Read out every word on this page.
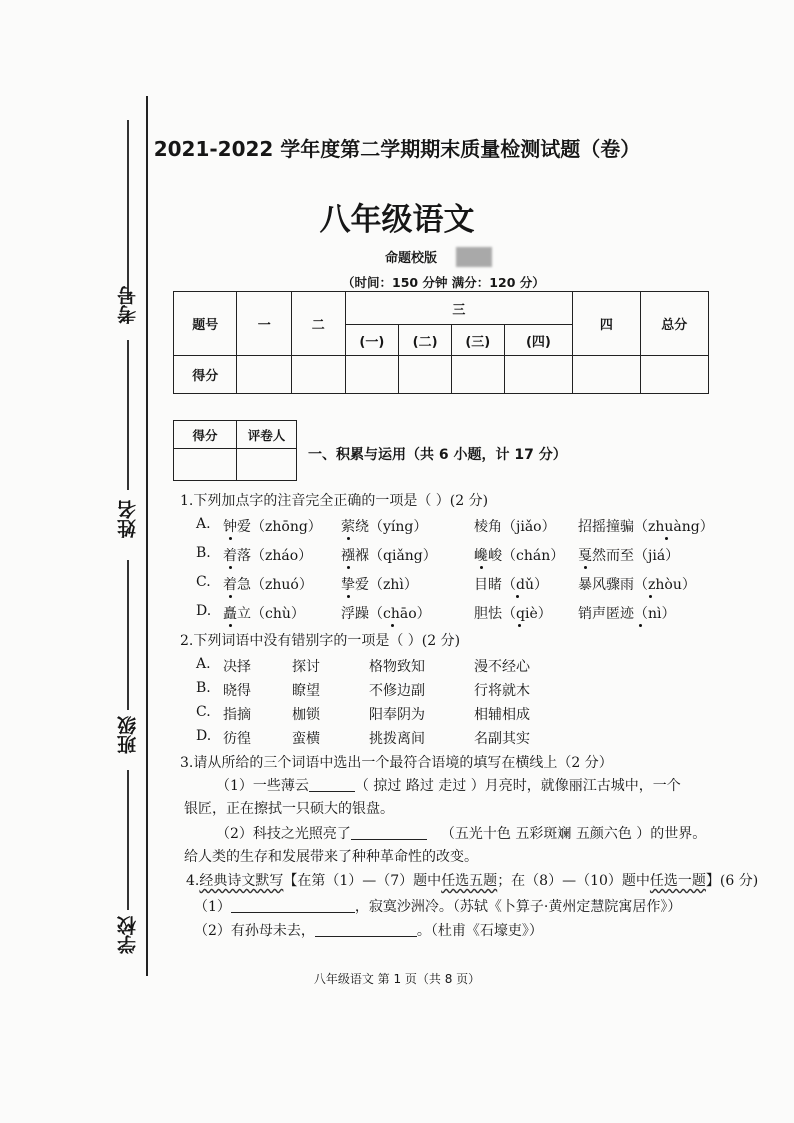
考号
姓名
班级
学校
2021-2022 学年度第二学期期末质量检测试题（卷）
八年级语文
命题校版
（时间：150 分钟 满分：120 分）
题号	一	二	三				四	总分
			(一)	(二)	(三)	(四)		
得分								
得分	评卷人

一、积累与运用（共 6 小题，计 17 分）
1.下列加点字的注音完全正确的一项是（ ）(2 分)
A. 钟爱（zhōng） 萦绕（yíng）	棱角（jiǎo） 招摇撞骗（zhuàng）
B. 着落（zháo） 襁褓（qiǎng）	巉峻（chán） 戛然而至（jiá）
C. 着急（zhuó） 挚爱（zhì）	目睹（dǔ） 暴风骤雨（zhòu）
D. 矗立（chù）	浮躁（chāo）	胆怯（qiè） 销声匿迹（nì）
2.下列词语中没有错别字的一项是（ ）(2 分)
A. 决择	探讨	格物致知	漫不经心
B. 晓得	瞭望	不修边副	行将就木
C. 指摘	枷锁	阳奉阴为	相辅相成
D. 彷徨	蛮横	挑拨离间	名副其实
3.请从所给的三个词语中选出一个最符合语境的填写在横线上（2 分）
（1）一些薄云	（ 掠过 路过 走过 ）月亮时，就像丽江古城中，一个
银匠，正在擦拭一只硕大的银盘。
（2）科技之光照亮了	（五光十色 五彩斑斓 五颜六色 ）的世界。
给人类的生存和发展带来了种种革命性的改变。
4.经典诗文默写【在第（1）—（7）题中任选五题；在（8）—（10）题中任选一题】(6 分)
（1）	，寂寞沙洲冷。（苏轼《卜算子·黄州定慧院寓居作》）
（2）有孙母未去，	。（杜甫《石壕吏》）
八年级语文 第 1 页（共 8 页）
